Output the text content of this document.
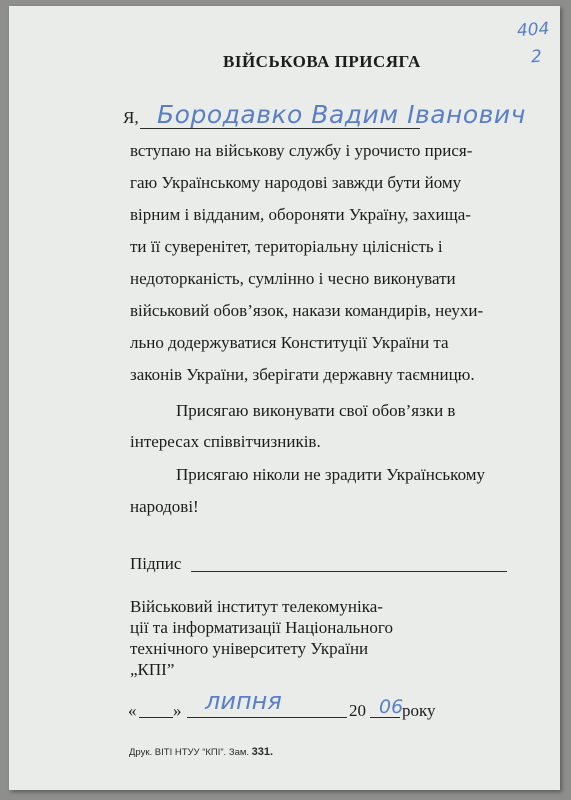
404
2
ВІЙСЬКОВА ПРИСЯГА
Я, Бородавко Вадим Іванович
вступаю на військову службу і урочисто прися-
гаю Українському народові завжди бути йому
вірним і відданим, обороняти Україну, захища-
ти її суверенітет, територіальну цілісність і
недоторканість, сумлінно і чесно виконувати
військовий обов’язок, накази командирів, неухи-
льно додержуватися Конституції України та
законів України, зберігати державну таємницю.
Присягаю виконувати свої обов’язки в
інтересах співвітчизників.
Присягаю ніколи не зрадити Українському
народові!
Підпис
Військовий інститут телекомуніка-
ції та інформатизації Національного
технічного університету України
„КПІ”
« » липня	20 06
року
Друк. ВІТІ НТУУ “КПІ”. Зам. 331.
